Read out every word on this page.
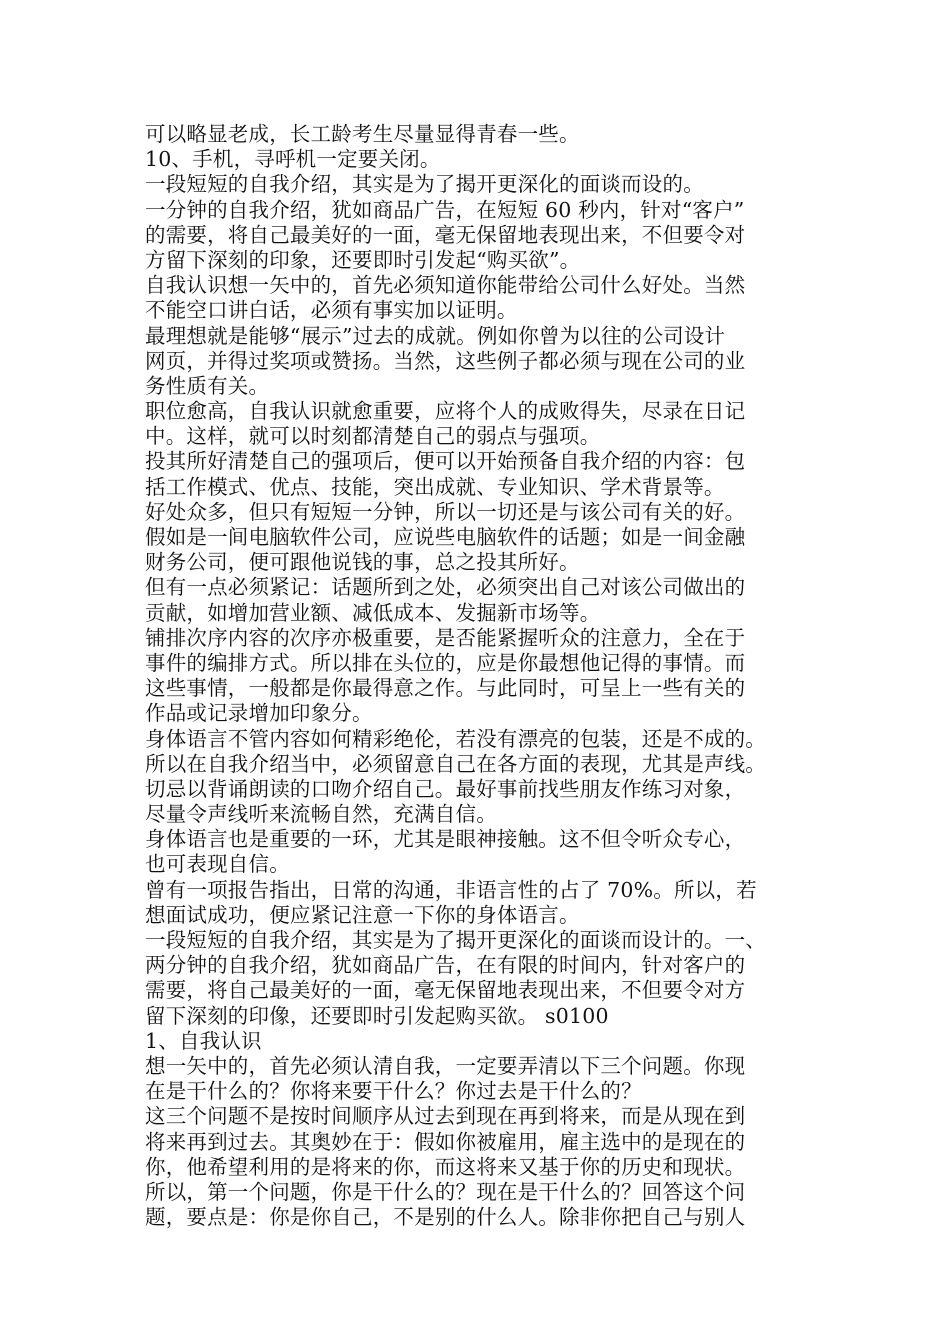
可以略显老成，长工龄考生尽量显得青春一些。
10、手机，寻呼机一定要关闭。
一段短短的自我介绍，其实是为了揭开更深化的面谈而设的。
一分钟的自我介绍，犹如商品广告，在短短 60 秒内，针对“客户”
的需要，将自己最美好的一面，毫无保留地表现出来，不但要令对
方留下深刻的印象，还要即时引发起“购买欲”。
自我认识想一矢中的，首先必须知道你能带给公司什么好处。当然
不能空口讲白话，必须有事实加以证明。
最理想就是能够“展示”过去的成就。例如你曾为以往的公司设计
网页，并得过奖项或赞扬。当然，这些例子都必须与现在公司的业
务性质有关。
职位愈高，自我认识就愈重要，应将个人的成败得失，尽录在日记
中。这样，就可以时刻都清楚自己的弱点与强项。
投其所好清楚自己的强项后，便可以开始预备自我介绍的内容：包
括工作模式、优点、技能，突出成就、专业知识、学术背景等。
好处众多，但只有短短一分钟，所以一切还是与该公司有关的好。
假如是一间电脑软件公司，应说些电脑软件的话题；如是一间金融
财务公司，便可跟他说钱的事，总之投其所好。
但有一点必须紧记：话题所到之处，必须突出自己对该公司做出的
贡献，如增加营业额、减低成本、发掘新市场等。
铺排次序内容的次序亦极重要，是否能紧握听众的注意力，全在于
事件的编排方式。所以排在头位的，应是你最想他记得的事情。而
这些事情，一般都是你最得意之作。与此同时，可呈上一些有关的
作品或记录增加印象分。
身体语言不管内容如何精彩绝伦，若没有漂亮的包装，还是不成的。
所以在自我介绍当中，必须留意自己在各方面的表现，尤其是声线。
切忌以背诵朗读的口吻介绍自己。最好事前找些朋友作练习对象，
尽量令声线听来流畅自然，充满自信。
身体语言也是重要的一环，尤其是眼神接触。这不但令听众专心，
也可表现自信。
曾有一项报告指出，日常的沟通，非语言性的占了 70%。所以，若
想面试成功，便应紧记注意一下你的身体语言。
一段短短的自我介绍，其实是为了揭开更深化的面谈而设计的。一、
两分钟的自我介绍，犹如商品广告，在有限的时间内，针对客户的
需要，将自己最美好的一面，毫无保留地表现出来，不但要令对方
留下深刻的印像，还要即时引发起购买欲。 s0100
1、自我认识
想一矢中的，首先必须认清自我，一定要弄清以下三个问题。你现
在是干什么的？你将来要干什么？你过去是干什么的？
这三个问题不是按时间顺序从过去到现在再到将来，而是从现在到
将来再到过去。其奥妙在于：假如你被雇用，雇主选中的是现在的
你，他希望利用的是将来的你，而这将来又基于你的历史和现状。
所以，第一个问题，你是干什么的？现在是干什么的？回答这个问
题，要点是：你是你自己，不是别的什么人。除非你把自己与别人
